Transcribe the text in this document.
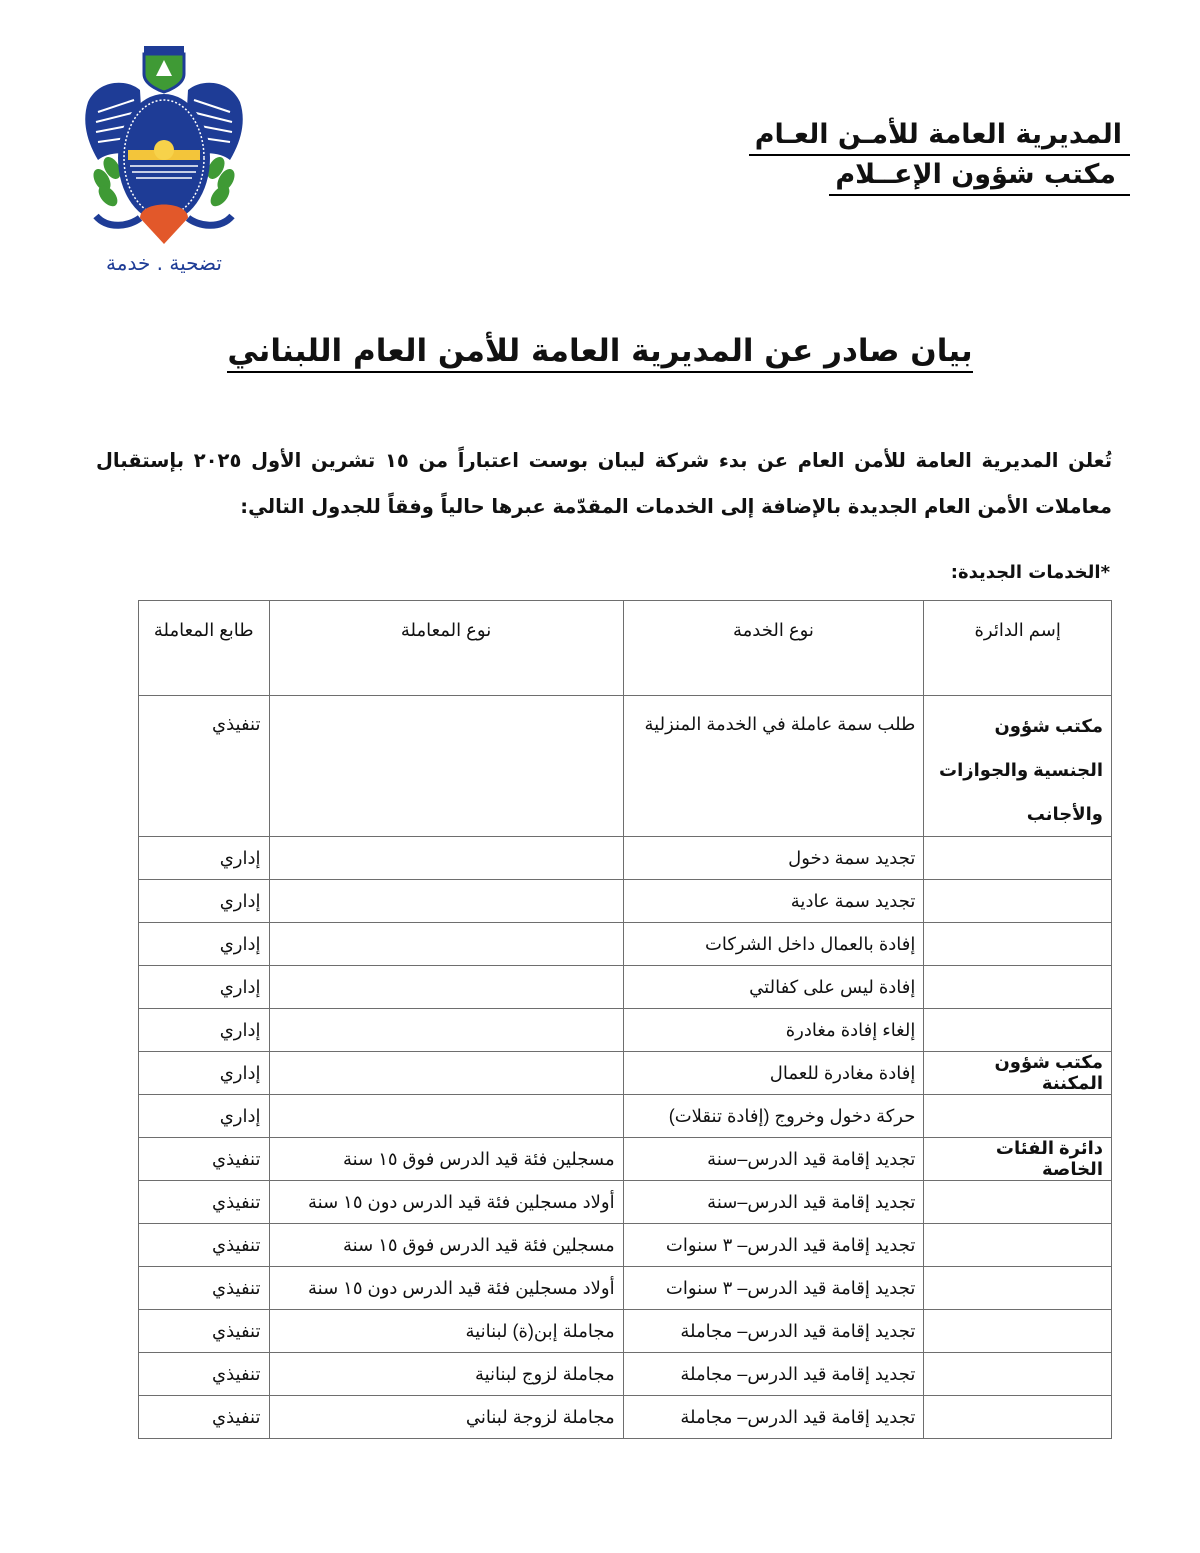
تضحية . خدمة
المديرية العامة للأمـن العـام
مكتب شؤون الإعــلام
بيان صادر عن المديرية العامة للأمن العام اللبناني

تُعلن المديرية العامة للأمن العام عن بدء شركة ليبان بوست اعتباراً من ١٥ تشرين الأول ٢٠٢٥ بإستقبال معاملات الأمن العام الجديدة بالإضافة إلى الخدمات المقدّمة عبرها حالياً وفقاً للجدول التالي:

*الخدمات الجديدة:
إسم الدائرة	نوع الخدمة	نوع المعاملة	طابع المعاملة
مكتب شؤون الجنسية والجوازات والأجانب	طلب سمة عاملة في الخدمة المنزلية		تنفيذي
	تجديد سمة دخول		إداري
	تجديد سمة عادية		إداري
	إفادة بالعمال داخل الشركات		إداري
	إفادة ليس على كفالتي		إداري
	إلغاء إفادة مغادرة		إداري
مكتب شؤون المكننة	إفادة مغادرة للعمال		إداري
	حركة دخول وخروج (إفادة تنقلات)		إداري
دائرة الفئات الخاصة	تجديد إقامة قيد الدرس–سنة	مسجلين فئة قيد الدرس فوق ١٥ سنة	تنفيذي
	تجديد إقامة قيد الدرس–سنة	أولاد مسجلين فئة قيد الدرس دون ١٥ سنة	تنفيذي
	تجديد إقامة قيد الدرس– ٣ سنوات	مسجلين فئة قيد الدرس فوق ١٥ سنة	تنفيذي
	تجديد إقامة قيد الدرس– ٣ سنوات	أولاد مسجلين فئة قيد الدرس دون ١٥ سنة	تنفيذي
	تجديد إقامة قيد الدرس– مجاملة	مجاملة إبن(ة) لبنانية	تنفيذي
	تجديد إقامة قيد الدرس– مجاملة	مجاملة لزوج لبنانية	تنفيذي
	تجديد إقامة قيد الدرس– مجاملة	مجاملة لزوجة لبناني	تنفيذي
